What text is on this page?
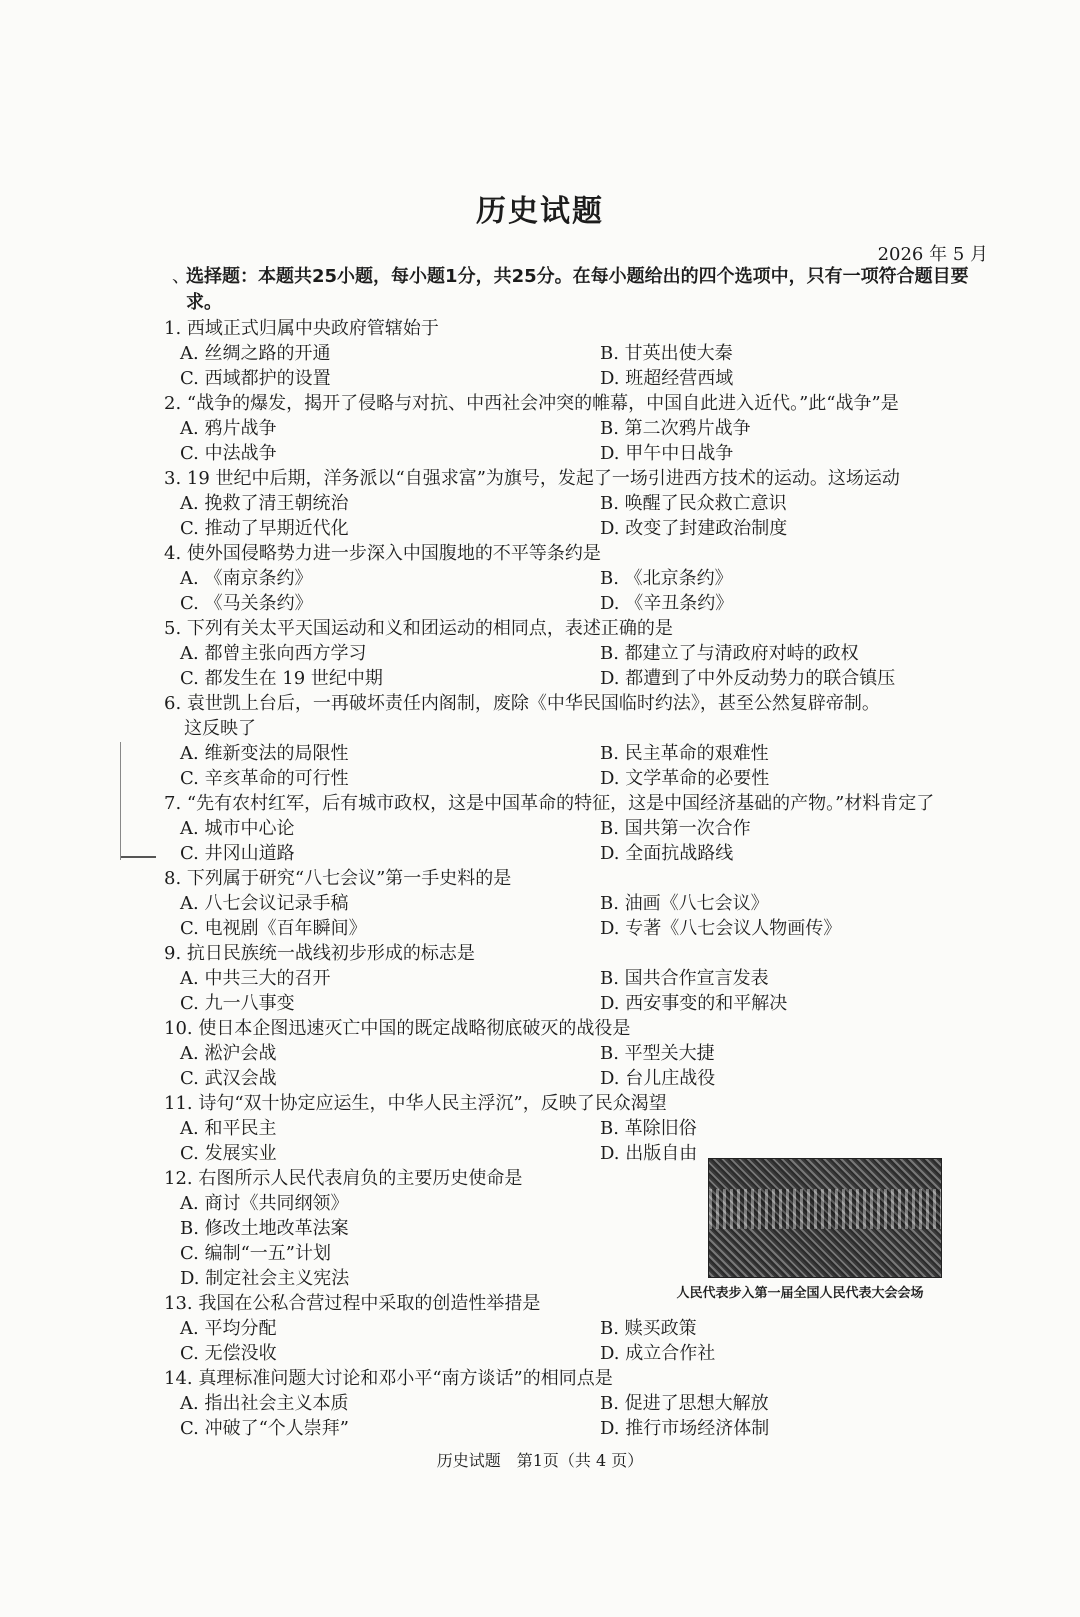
历史试题
2026 年 5 月
、
选择题：本题共25小题，每小题1分，共25分。在每小题给出的四个选项中，只有一项符合题目要求。
1. 西域正式归属中央政府管辖始于
A. 丝绸之路的开通	B. 甘英出使大秦
C. 西域都护的设置	D. 班超经营西域
2. “战争的爆发，揭开了侵略与对抗、中西社会冲突的帷幕，中国自此进入近代。”此“战争”是
A. 鸦片战争	B. 第二次鸦片战争
C. 中法战争	D. 甲午中日战争
3. 19 世纪中后期，洋务派以“自强求富”为旗号，发起了一场引进西方技术的运动。这场运动
A. 挽救了清王朝统治	B. 唤醒了民众救亡意识
C. 推动了早期近代化	D. 改变了封建政治制度
4. 使外国侵略势力进一步深入中国腹地的不平等条约是
A. 《南京条约》	B. 《北京条约》
C. 《马关条约》	D. 《辛丑条约》
5. 下列有关太平天国运动和义和团运动的相同点，表述正确的是
A. 都曾主张向西方学习	B. 都建立了与清政府对峙的政权
C. 都发生在 19 世纪中期	D. 都遭到了中外反动势力的联合镇压
6. 袁世凯上台后，一再破坏责任内阁制，废除《中华民国临时约法》，甚至公然复辟帝制。
这反映了
A. 维新变法的局限性	B. 民主革命的艰难性
C. 辛亥革命的可行性	D. 文学革命的必要性
7. “先有农村红军，后有城市政权，这是中国革命的特征，这是中国经济基础的产物。”材料肯定了
A. 城市中心论	B. 国共第一次合作
C. 井冈山道路	D. 全面抗战路线
8. 下列属于研究“八七会议”第一手史料的是
A. 八七会议记录手稿	B. 油画《八七会议》
C. 电视剧《百年瞬间》	D. 专著《八七会议人物画传》
9. 抗日民族统一战线初步形成的标志是
A. 中共三大的召开	B. 国共合作宣言发表
C. 九一八事变	D. 西安事变的和平解决
10. 使日本企图迅速灭亡中国的既定战略彻底破灭的战役是
A. 淞沪会战	B. 平型关大捷
C. 武汉会战	D. 台儿庄战役
11. 诗句“双十协定应运生，中华人民主浮沉”，反映了民众渴望
A. 和平民主	B. 革除旧俗
C. 发展实业	D. 出版自由
12. 右图所示人民代表肩负的主要历史使命是
A. 商讨《共同纲领》
B. 修改土地改革法案
C. 编制“一五”计划
D. 制定社会主义宪法
13. 我国在公私合营过程中采取的创造性举措是
A. 平均分配	B. 赎买政策
C. 无偿没收	D. 成立合作社
14. 真理标准问题大讨论和邓小平“南方谈话”的相同点是
A. 指出社会主义本质	B. 促进了思想大解放
C. 冲破了“个人崇拜”	D. 推行市场经济体制
人民代表步入第一届全国人民代表大会会场
历史试题　第1页（共 4 页）
